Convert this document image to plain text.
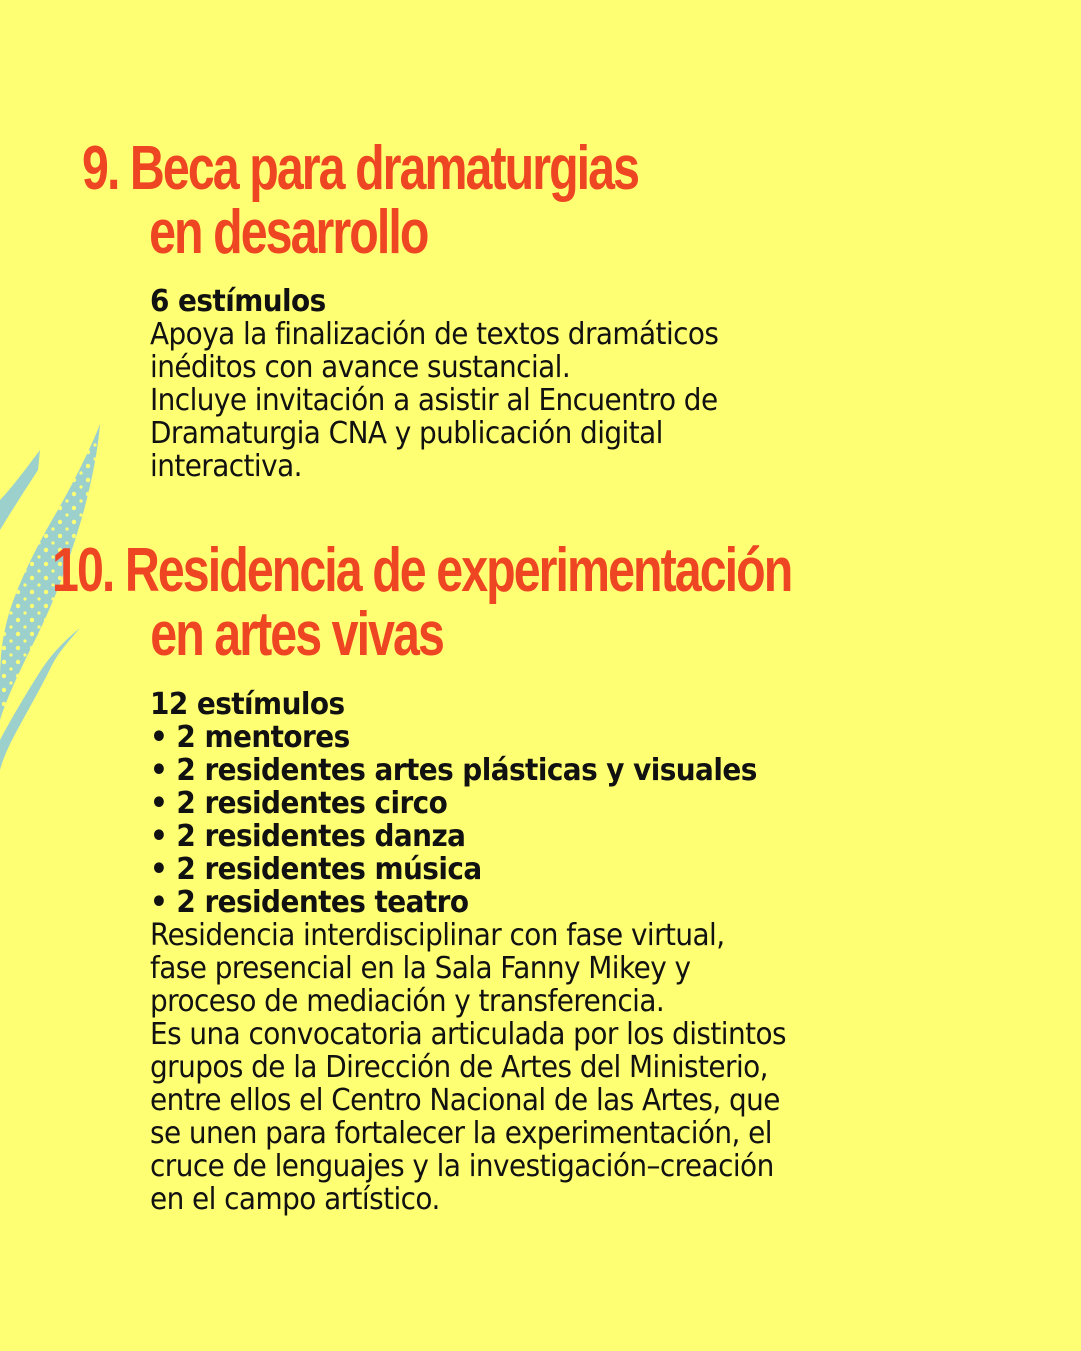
9. Beca para dramaturgias
en desarrollo
6 estímulos
Apoya la finalización de textos dramáticos
inéditos con avance sustancial.
Incluye invitación a asistir al Encuentro de
Dramaturgia CNA y publicación digital
interactiva.
10. Residencia de experimentación
en artes vivas
12 estímulos
• 2 mentores
• 2 residentes artes plásticas y visuales
• 2 residentes circo
• 2 residentes danza
• 2 residentes música
• 2 residentes teatro
Residencia interdisciplinar con fase virtual,
fase presencial en la Sala Fanny Mikey y
proceso de mediación y transferencia.
Es una convocatoria articulada por los distintos
grupos de la Dirección de Artes del Ministerio,
entre ellos el Centro Nacional de las Artes, que
se unen para fortalecer la experimentación, el
cruce de lenguajes y la investigación–creación
en el campo artístico.
